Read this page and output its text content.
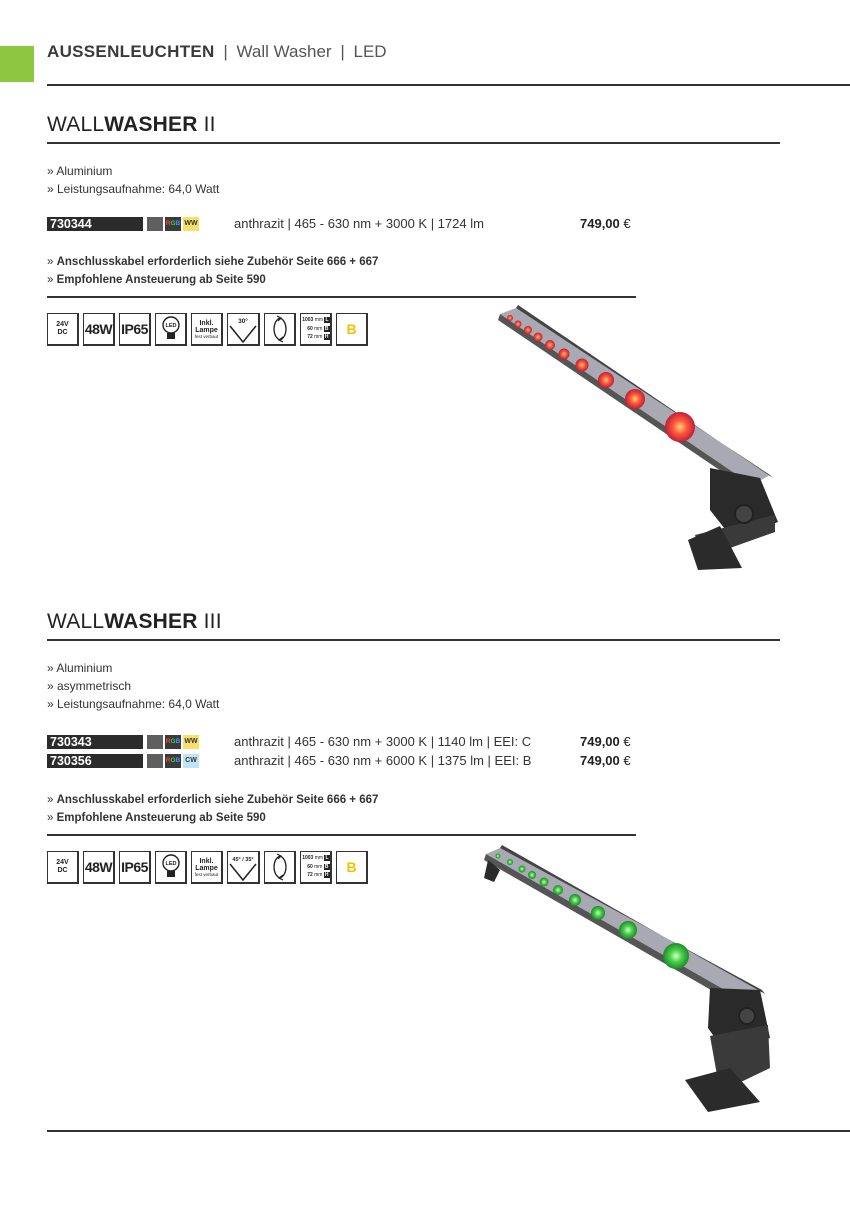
AUSSENLEUCHTEN | Wall Washer | LED
WALLWASHER II
» Aluminium
» Leistungsaufnahme: 64,0 Watt
730344	RGB WW	anthrazit | 465 - 630 nm + 3000 K | 1724 lm	749,00 €
» Anschlusskabel erforderlich siehe Zubehör Seite 666 + 667
» Empfohlene Ansteuerung ab Seite 590
24V
DC 48W IP65	LED	Inkl.
Lampe
fest verbaut
30°	1003 mm L
60 mm B
72 mm H
B
WALLWASHER III
» Aluminium
» asymmetrisch
» Leistungsaufnahme: 64,0 Watt
730343	RGB WW	anthrazit | 465 - 630 nm + 3000 K | 1140 lm | EEI: C	749,00 €
730356	RGB CW	anthrazit | 465 - 630 nm + 6000 K | 1375 lm | EEI: B	749,00 €
» Anschlusskabel erforderlich siehe Zubehör Seite 666 + 667
» Empfohlene Ansteuerung ab Seite 590
24V
DC 48W IP65	LED	Inkl.
Lampe
fest verbaut
45° / 35°	1003 mm L
60 mm B
72 mm H
B
